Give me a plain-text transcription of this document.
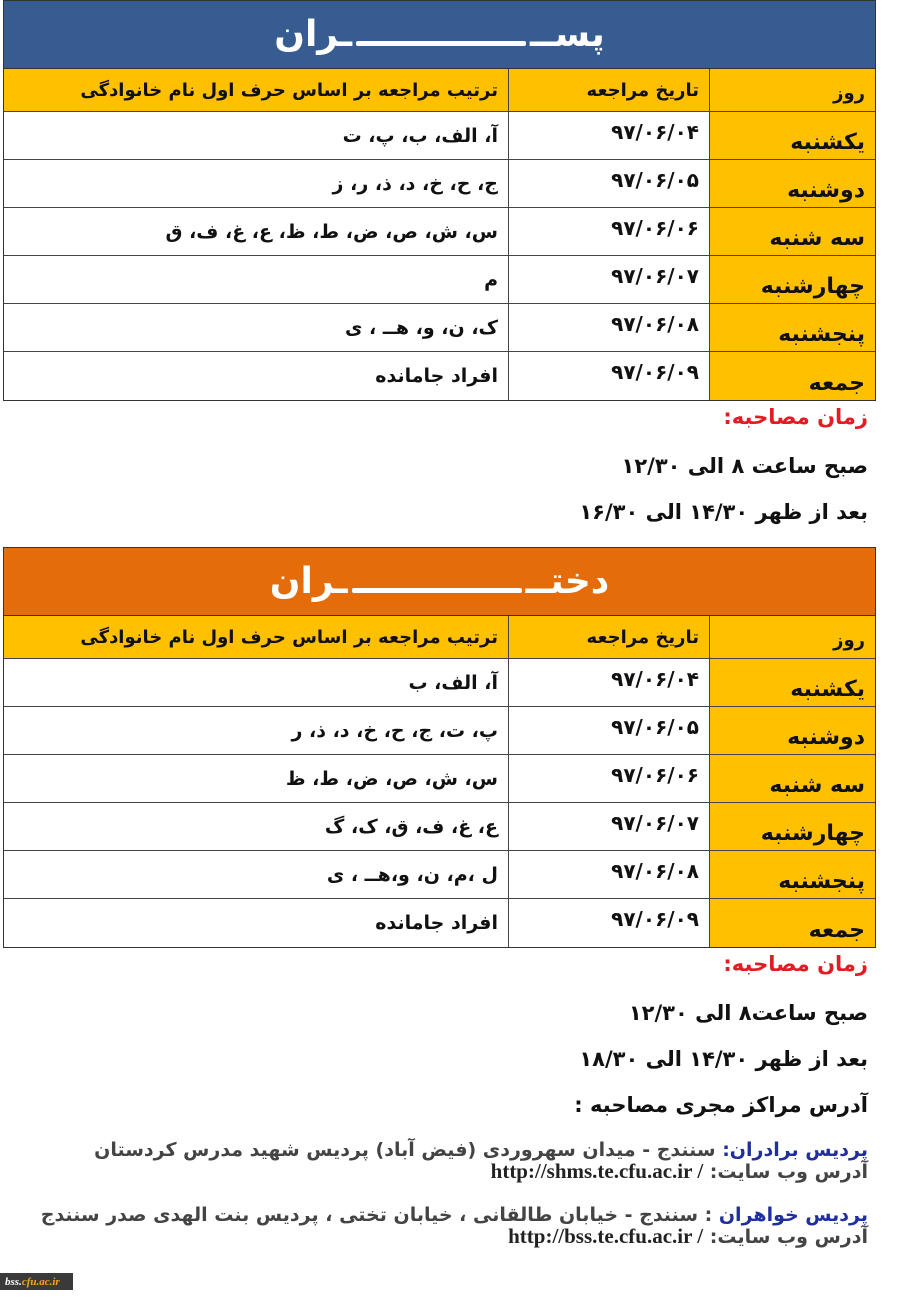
پســ
ـران
روز
تاریخ مراجعه
ترتیب مراجعه بر اساس حرف اول نام خانوادگی
یکشنبه
۹۷/۰۶/۰۴
آ، الف، ب، پ، ت
دوشنبه
۹۷/۰۶/۰۵
ج، ح، خ، د، ذ، ر، ز
سه شنبه
۹۷/۰۶/۰۶
س، ش، ص، ض، ط، ظ، ع، غ، ف، ق
چهارشنبه
۹۷/۰۶/۰۷
م
پنجشنبه
۹۷/۰۶/۰۸
ک، ن، و، هــ ، ی
جمعه
۹۷/۰۶/۰۹
افراد جامانده
زمان مصاحبه:
صبح ساعت ۸ الی ۱۲/۳۰
بعد از ظهر ۱۴/۳۰ الی ۱۶/۳۰
دختــ
ـران
روز
تاریخ مراجعه
ترتیب مراجعه بر اساس حرف اول نام خانوادگی
یکشنبه
۹۷/۰۶/۰۴
آ، الف، ب
دوشنبه
۹۷/۰۶/۰۵
پ، ت، ج، ح، خ، د، ذ، ر
سه شنبه
۹۷/۰۶/۰۶
س، ش، ص، ض، ط، ظ
چهارشنبه
۹۷/۰۶/۰۷
ع، غ، ف، ق، ک، گ
پنجشنبه
۹۷/۰۶/۰۸
ل ،م، ن، و،هــ ، ی
جمعه
۹۷/۰۶/۰۹
افراد جامانده
زمان مصاحبه:
صبح ساعت۸ الی ۱۲/۳۰
بعد از ظهر ۱۴/۳۰ الی ۱۸/۳۰
آدرس مراکز مجری مصاحبه :
پردیس برادران: سنندج - میدان سهروردی (فیض آباد) پردیس شهید مدرس کردستان
آدرس وب سایت: http://shms.te.cfu.ac.ir /
پردیس خواهران : سنندج - خیابان طالقانی ، خیابان تختی ، پردیس بنت الهدی صدر سنندج
آدرس وب سایت: http://bss.te.cfu.ac.ir /
bss. cfu.ac.ir
